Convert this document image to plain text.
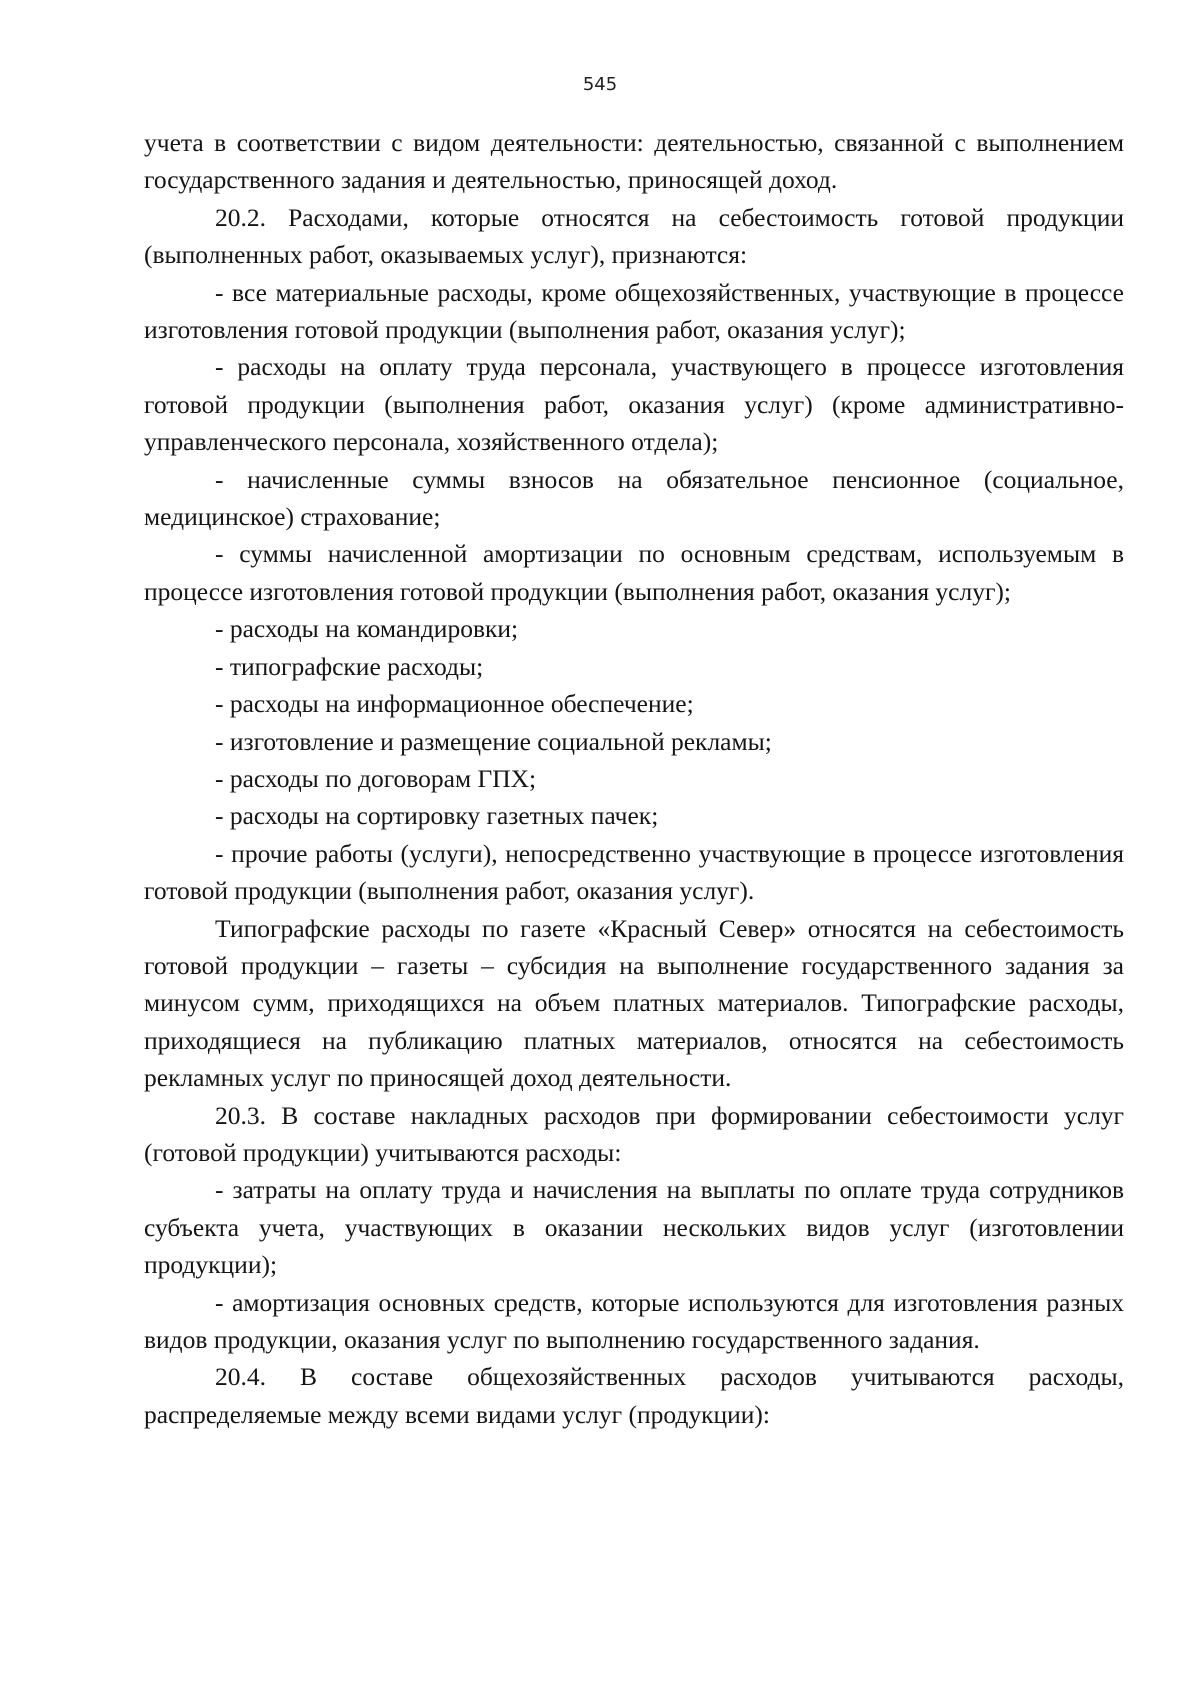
545

учета в соответствии с видом деятельности: деятельностью, связанной с выполнением государственного задания и деятельностью, приносящей доход.

20.2. Расходами, которые относятся на себестоимость готовой продукции (выполненных работ, оказываемых услуг), признаются:

- все материальные расходы, кроме общехозяйственных, участвующие в процессе изготовления готовой продукции (выполнения работ, оказания услуг);

- расходы на оплату труда персонала, участвующего в процессе изготовления готовой продукции (выполнения работ, оказания услуг) (кроме административно-управленческого персонала, хозяйственного отдела);

- начисленные суммы взносов на обязательное пенсионное (социальное, медицинское) страхование;

- суммы начисленной амортизации по основным средствам, используемым в процессе изготовления готовой продукции (выполнения работ, оказания услуг);

- расходы на командировки;

- типографские расходы;

- расходы на информационное обеспечение;

- изготовление и размещение социальной рекламы;

- расходы по договорам ГПХ;

- расходы на сортировку газетных пачек;

- прочие работы (услуги), непосредственно участвующие в процессе изготовления готовой продукции (выполнения работ, оказания услуг).

Типографские расходы по газете «Красный Север» относятся на себестоимость готовой продукции – газеты – субсидия на выполнение государственного задания за минусом сумм, приходящихся на объем платных материалов. Типографские расходы, приходящиеся на публикацию платных материалов, относятся на себестоимость рекламных услуг по приносящей доход деятельности.

20.3. В составе накладных расходов при формировании себестоимости услуг (готовой продукции) учитываются расходы:

- затраты на оплату труда и начисления на выплаты по оплате труда сотрудников субъекта учета, участвующих в оказании нескольких видов услуг (изготовлении продукции);

- амортизация основных средств, которые используются для изготовления разных видов продукции, оказания услуг по выполнению государственного задания.

20.4. В составе общехозяйственных расходов учитываются расходы, распределяемые между всеми видами услуг (продукции):
